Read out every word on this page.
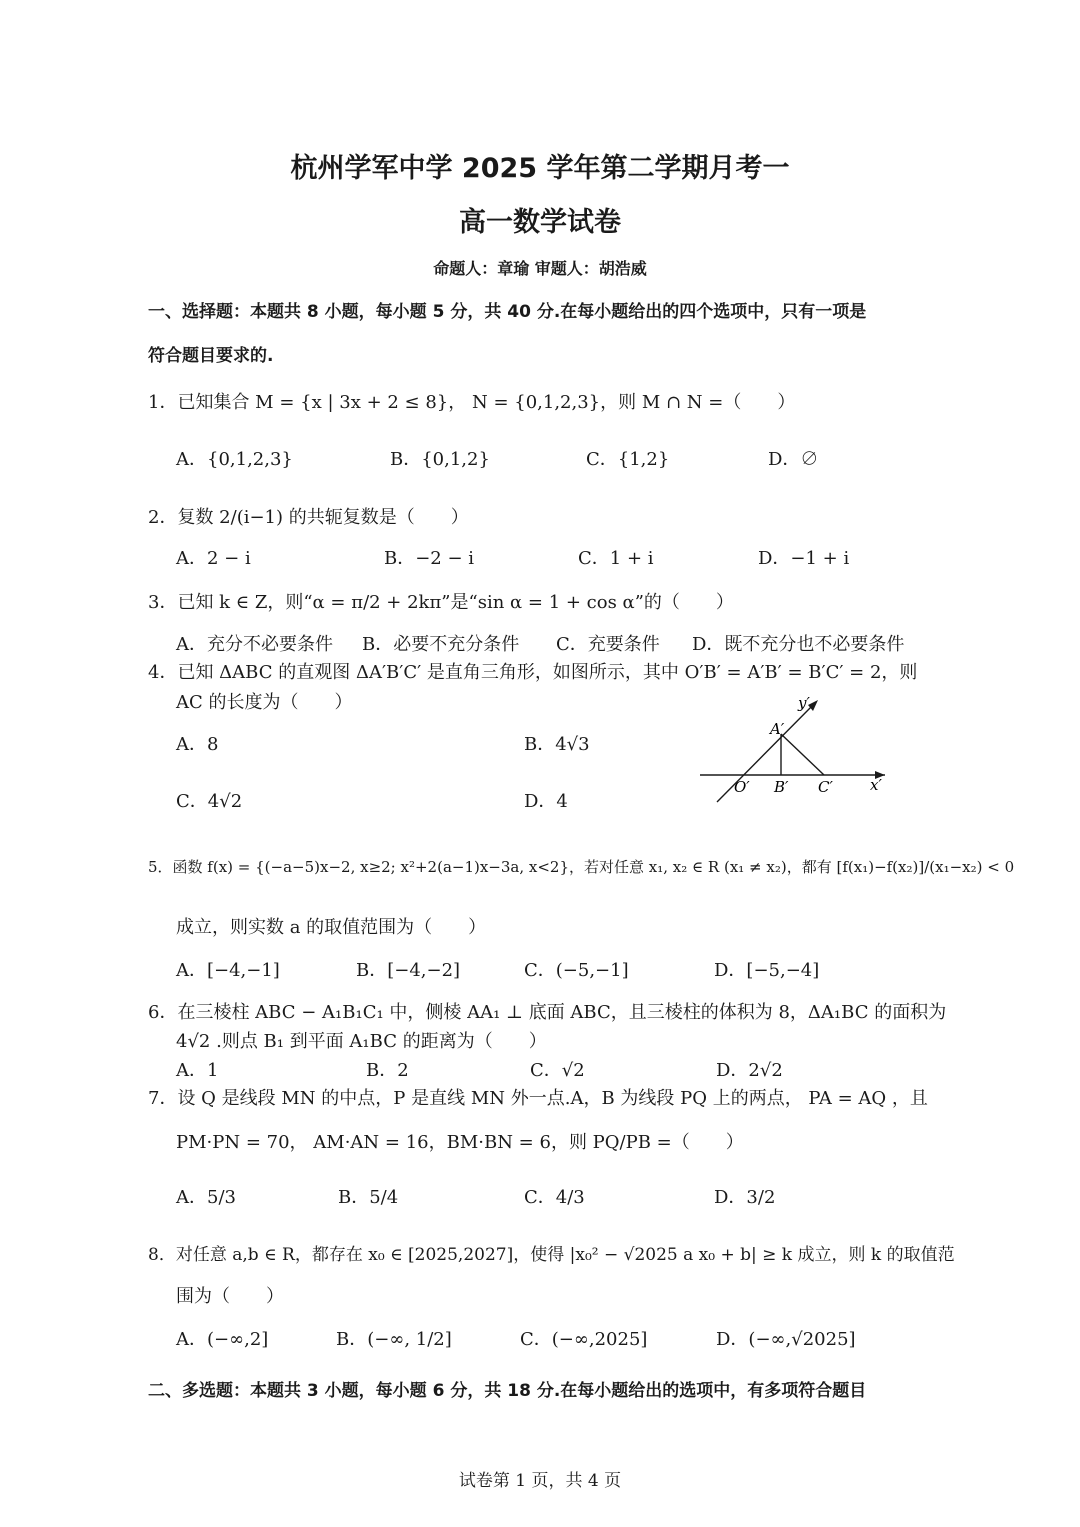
杭州学军中学 2025 学年第二学期月考一
高一数学试卷
命题人：章瑜 审题人：胡浩威
一、选择题：本题共 8 小题，每小题 5 分，共 40 分.在每小题给出的四个选项中，只有一项是
符合题目要求的.
1．已知集合 M = {x | 3x + 2 ≤ 8}， N = {0,1,2,3}，则 M ∩ N =（　　）
A．{0,1,2,3}	B．{0,1,2}	C．{1,2}	D．∅
2．复数 2/(i−1) 的共轭复数是（　　）
A．2 − i	B．−2 − i	C．1 + i	D．−1 + i
3．已知 k ∈ Z，则“α = π/2 + 2kπ”是“sin α = 1 + cos α”的（　　）
A．充分不必要条件 B．必要不充分条件 C．充要条件 D．既不充分也不必要条件
4．已知 ΔABC 的直观图 ΔA′B′C′ 是直角三角形，如图所示，其中 O′B′ = A′B′ = B′C′ = 2，则
AC 的长度为（　　）
A．8	B．4√3
C．4√2	D．4
y′
A′
O′ B′ C′ x′
5．函数 f(x) = {(−a−5)x−2, x≥2; x²+2(a−1)x−3a, x<2}，若对任意 x₁, x₂ ∈ R (x₁ ≠ x₂)，都有 [f(x₁)−f(x₂)]/(x₁−x₂) < 0
成立，则实数 a 的取值范围为（　　）
A．[−4,−1]	B．[−4,−2]	C．(−5,−1]	D．[−5,−4]
6．在三棱柱 ABC − A₁B₁C₁ 中，侧棱 AA₁ ⊥ 底面 ABC，且三棱柱的体积为 8，ΔA₁BC 的面积为
4√2 .则点 B₁ 到平面 A₁BC 的距离为（　　）
A．1	B．2	C．√2	D．2√2
7．设 Q 是线段 MN 的中点，P 是直线 MN 外一点.A，B 为线段 PQ 上的两点， PA = AQ ，且
PM·PN = 70， AM·AN = 16，BM·BN = 6，则 PQ/PB =（　　）
A．5/3	B．5/4	C．4/3	D．3/2
8．对任意 a,b ∈ R，都存在 x₀ ∈ [2025,2027]，使得 |x₀² − √2025 a x₀ + b| ≥ k 成立，则 k 的取值范
围为（　　）
A．(−∞,2]	B．(−∞, 1/2]	C．(−∞,2025]	D．(−∞,√2025]
二、多选题：本题共 3 小题，每小题 6 分，共 18 分.在每小题给出的选项中，有多项符合题目
试卷第 1 页，共 4 页
